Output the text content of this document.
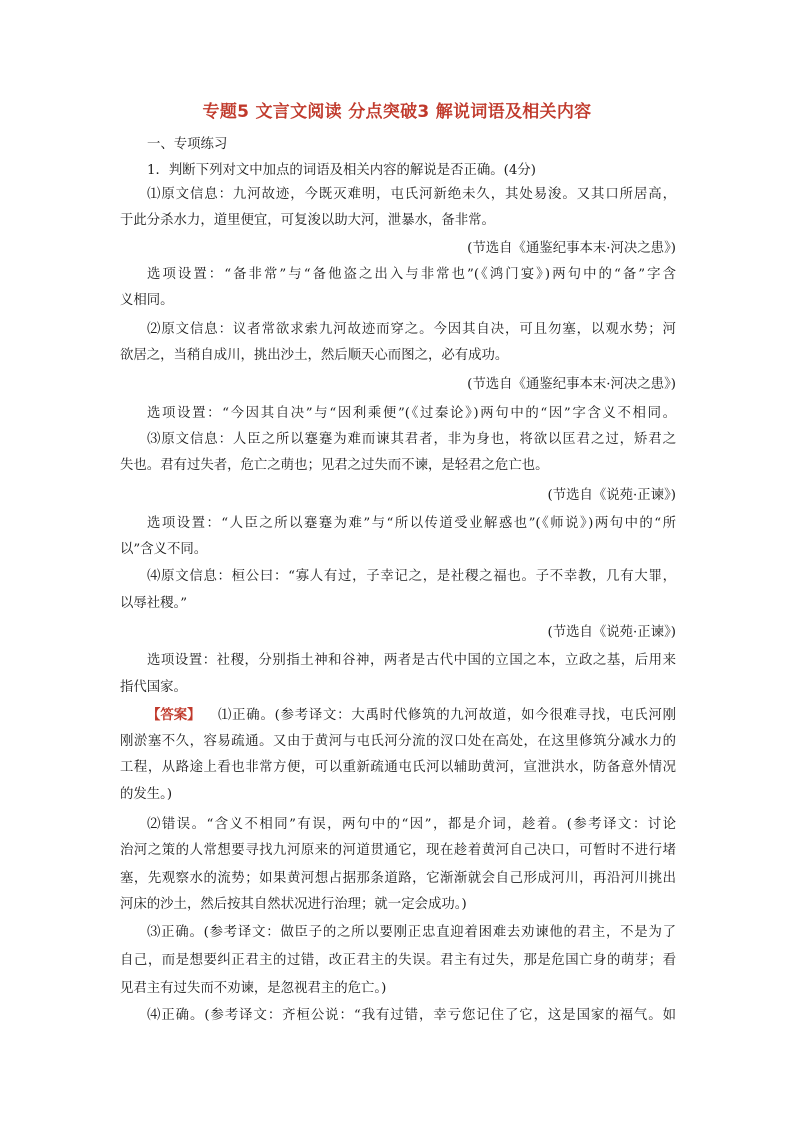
专题5 文言文阅读 分点突破3 解说词语及相关内容
一、专项练习
1．判断下列对文中加点的词语及相关内容的解说是否正确。(4分)
⑴原文信息：九河故迹，今既灭难明，屯氏河新绝未久，其处易浚。又其口所居高，
于此分杀水力，道里便宜，可复浚以助大河，泄暴水，备非常。
(节选自《通鉴纪事本末·河决之患》)
选项设置：“备非常”与“备他盗之出入与非常也”(《鸿门宴》)两句中的“备”字含
义相同。
⑵原文信息：议者常欲求索九河故迹而穿之。今因其自决，可且勿塞，以观水势；河
欲居之，当稍自成川，挑出沙土，然后顺天心而图之，必有成功。
(节选自《通鉴纪事本末·河决之患》)
选项设置：“今因其自决”与“因利乘便”(《过秦论》)两句中的“因”字含义不相同。
⑶原文信息：人臣之所以蹇蹇为难而谏其君者，非为身也，将欲以匡君之过，矫君之
失也。君有过失者，危亡之萌也；见君之过失而不谏，是轻君之危亡也。
(节选自《说苑·正谏》)
选项设置：“人臣之所以蹇蹇为难”与“所以传道受业解惑也”(《师说》)两句中的“所
以”含义不同。
⑷原文信息：桓公曰：“寡人有过，子幸记之，是社稷之福也。子不幸教，几有大罪，
以辱社稷。”
(节选自《说苑·正谏》)
选项设置：社稷，分别指土神和谷神，两者是古代中国的立国之本，立政之基，后用来
指代国家。
【答案】 ⑴正确。(参考译文：大禹时代修筑的九河故道，如今很难寻找，屯氏河刚
刚淤塞不久，容易疏通。又由于黄河与屯氏河分流的汊口处在高处，在这里修筑分减水力的
工程，从路途上看也非常方便，可以重新疏通屯氏河以辅助黄河，宣泄洪水，防备意外情况
的发生。)
⑵错误。“含义不相同”有误，两句中的“因”，都是介词，趁着。(参考译文：讨论
治河之策的人常想要寻找九河原来的河道贯通它，现在趁着黄河自己决口，可暂时不进行堵
塞，先观察水的流势；如果黄河想占据那条道路，它渐渐就会自己形成河川，再沿河川挑出
河床的沙土，然后按其自然状况进行治理；就一定会成功。)
⑶正确。(参考译文：做臣子的之所以要刚正忠直迎着困难去劝谏他的君主，不是为了
自己，而是想要纠正君主的过错，改正君主的失误。君主有过失，那是危国亡身的萌芽；看
见君主有过失而不劝谏，是忽视君主的危亡。)
⑷正确。(参考译文：齐桓公说：“我有过错，幸亏您记住了它，这是国家的福气。如
